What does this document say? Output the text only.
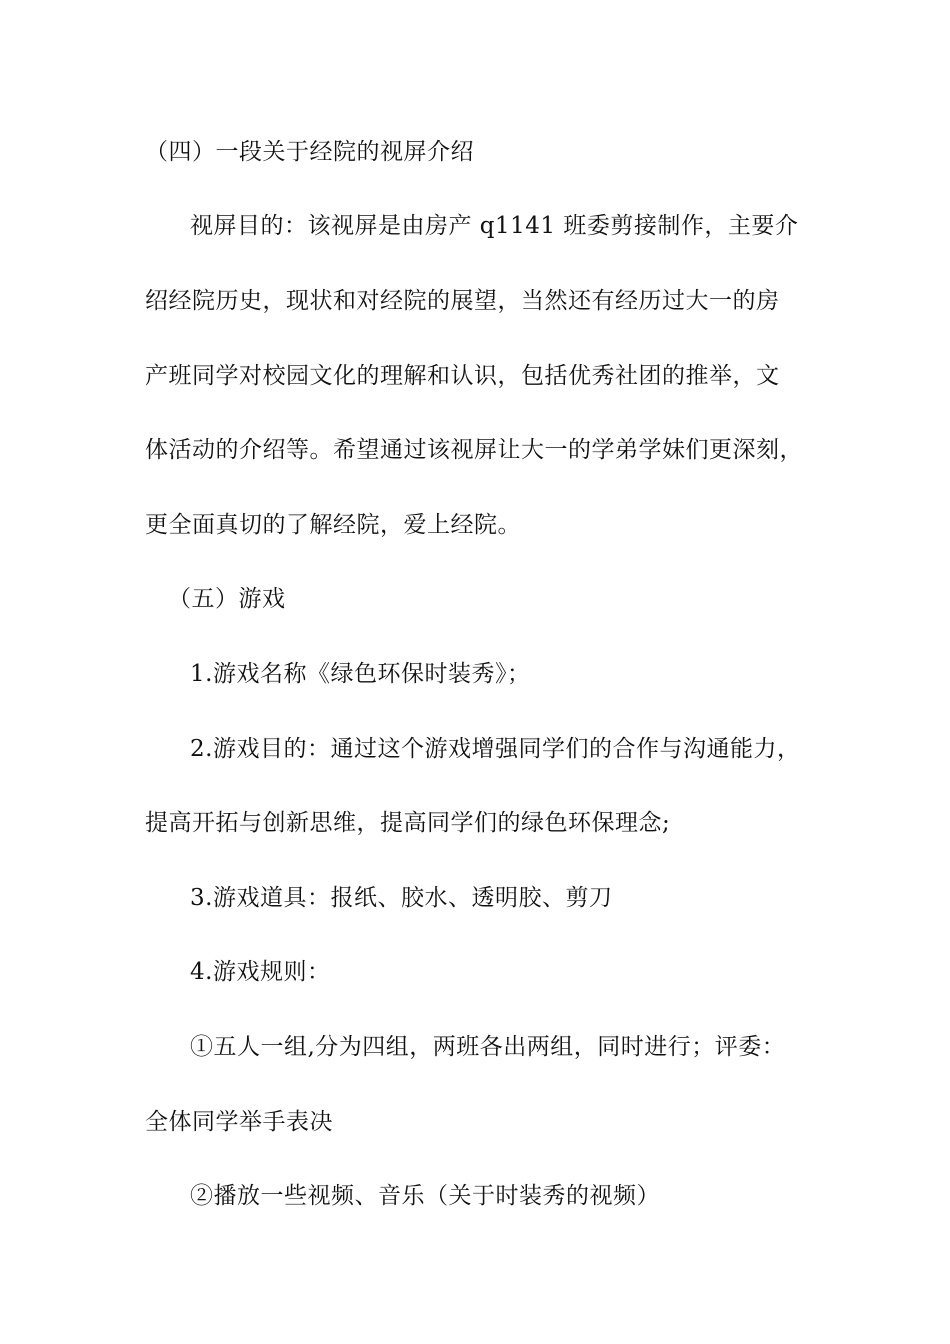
（四）一段关于经院的视屏介绍
视屏目的：该视屏是由房产 q1141 班委剪接制作，主要介
绍经院历史，现状和对经院的展望，当然还有经历过大一的房
产班同学对校园文化的理解和认识，包括优秀社团的推举，文
体活动的介绍等。希望通过该视屏让大一的学弟学妹们更深刻，
更全面真切的了解经院，爱上经院。
（五）游戏
1.游戏名称《绿色环保时装秀》；
2.游戏目的：通过这个游戏增强同学们的合作与沟通能力，
提高开拓与创新思维，提高同学们的绿色环保理念;
3.游戏道具：报纸、胶水、透明胶、剪刀
4.游戏规则：
①五人一组,分为四组，两班各出两组，同时进行；评委：
全体同学举手表决
②播放一些视频、音乐（关于时装秀的视频）
